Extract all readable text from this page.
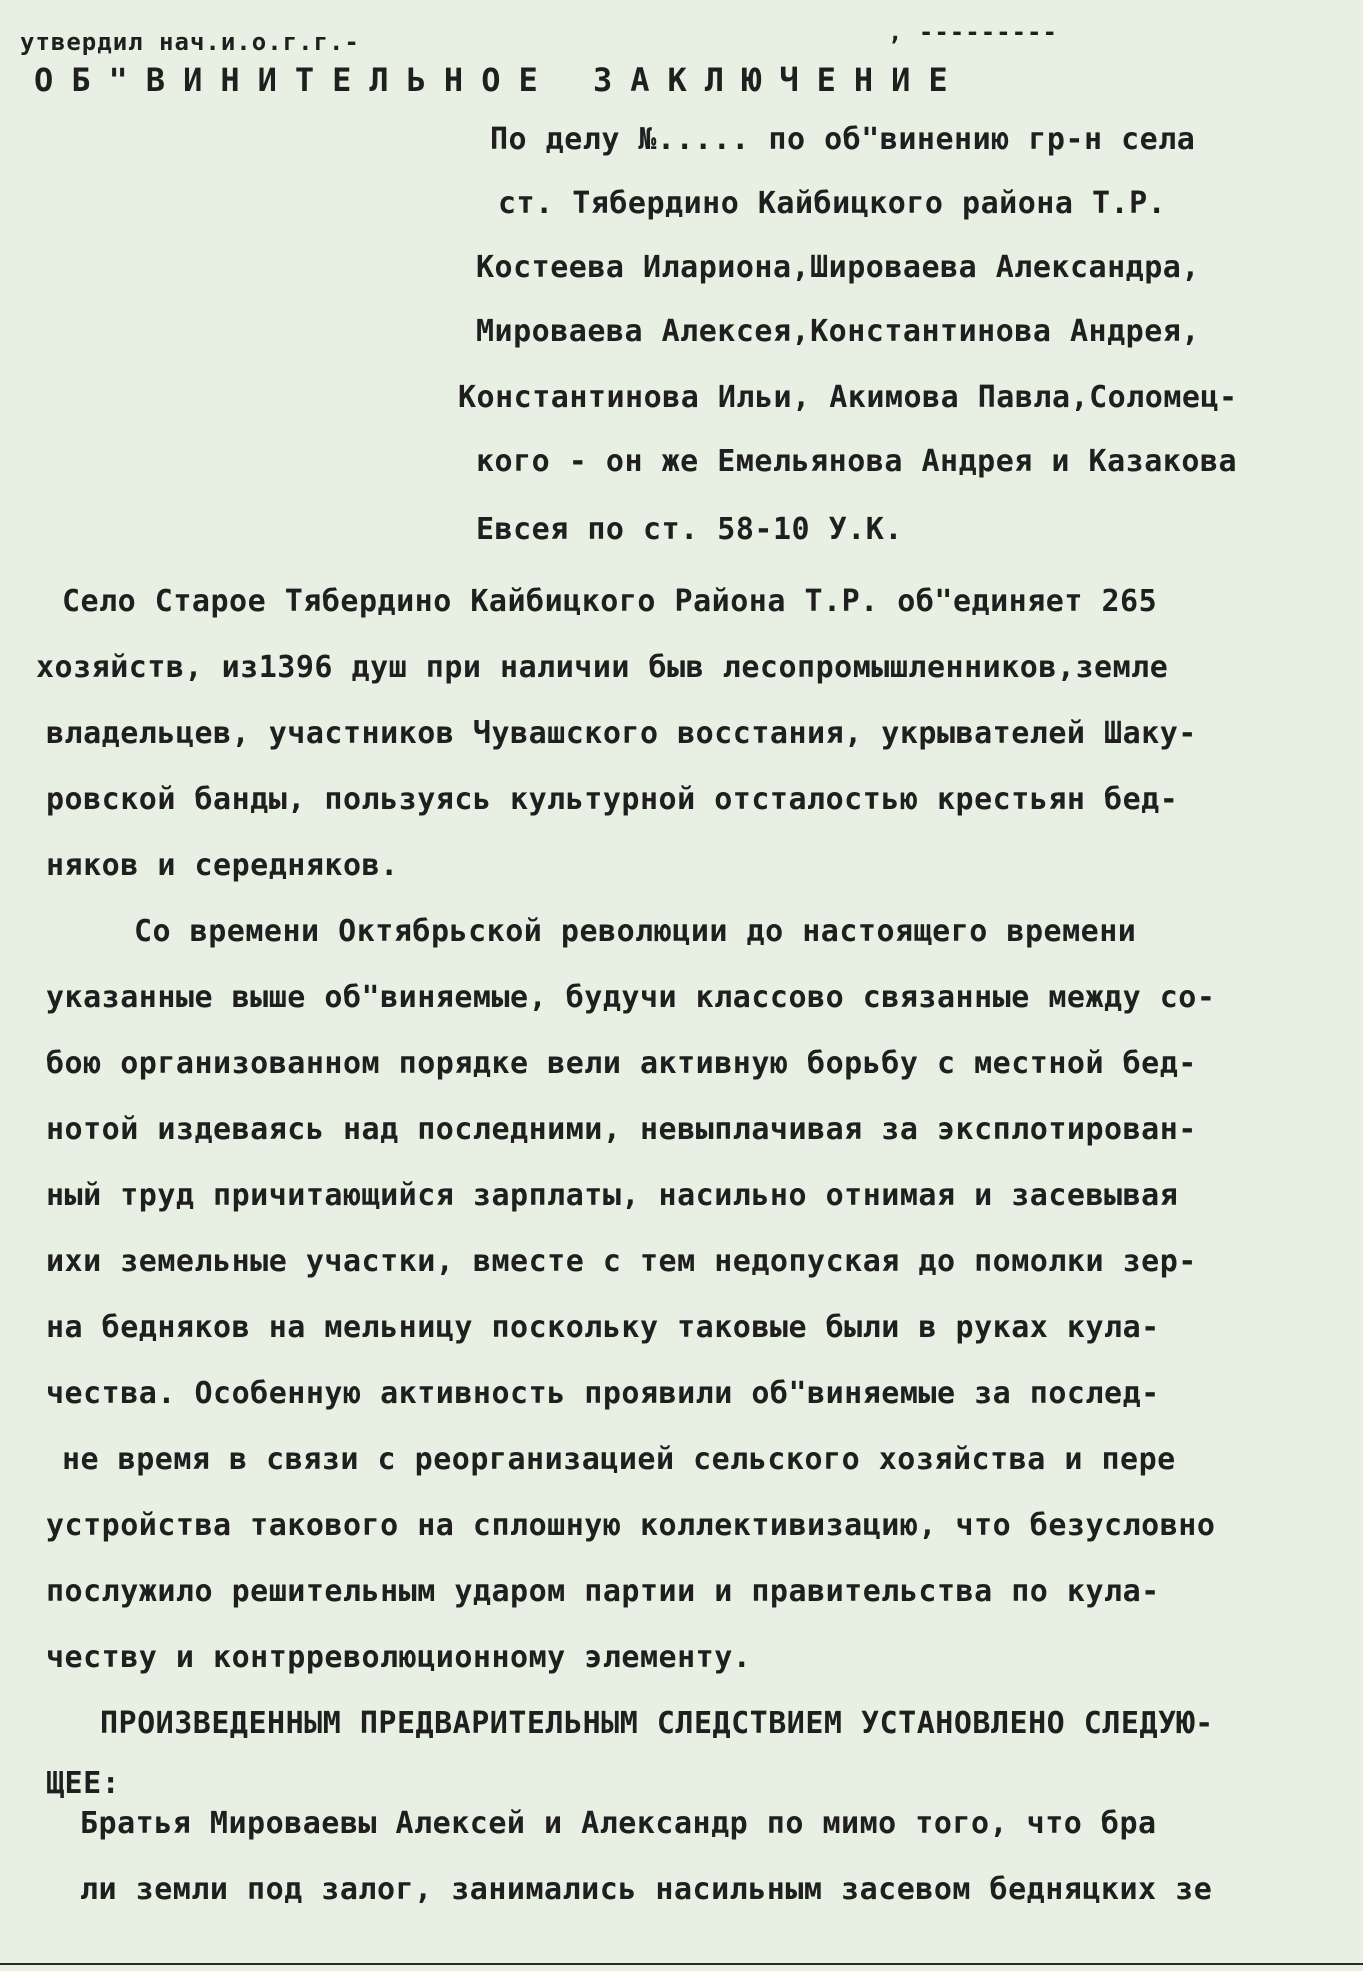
утвердил нач.и.о.г.г.-	, ---------

ОБ"ВИНИТЕЛЬНОЕ ЗАКЛЮЧЕНИЕ

По делу №..... по об"винению гр-н села

ст. Тябердино Кайбицкого района Т.Р.

Костеева Илариона,Широваева Александра,

Мироваева Алексея,Константинова Андрея,

Константинова Ильи, Акимова Павла,Соломец-

кого - он же Емельянова Андрея и Казакова

Евсея по ст. 58-10 У.К.

Село Старое Тябердино Кайбицкого Района Т.Р. об"единяет 265

хозяйств, из1396 душ при наличии быв лесопромышленников,земле

владельцев, участников Чувашского восстания, укрывателей Шаку-

ровской банды, пользуясь культурной отсталостью крестьян бед-

няков и середняков.

Со времени Октябрьской революции до настоящего времени

указанные выше об"виняемые, будучи классово связанные между со-

бою организованном порядке вели активную борьбу с местной бед-

нотой издеваясь над последними, невыплачивая за эксплотирован-

ный труд причитающийся зарплаты, насильно отнимая и засевывая

ихи земельные участки, вместе с тем недопуская до помолки зер-

на бедняков на мельницу поскольку таковые были в руках кула-

чества. Особенную активность проявили об"виняемые за послед-

не время в связи с реорганизацией сельского хозяйства и пере

устройства такового на сплошную коллективизацию, что безусловно

послужило решительным ударом партии и правительства по кула-

честву и контрреволюционному элементу.

ПРОИЗВЕДЕННЫМ ПРЕДВАРИТЕЛЬНЫМ СЛЕДСТВИЕМ УСТАНОВЛЕНО СЛЕДУЮ-

ЩЕЕ:

Братья Мироваевы Алексей и Александр по мимо того, что бра

ли земли под залог, занимались насильным засевом бедняцких зе
